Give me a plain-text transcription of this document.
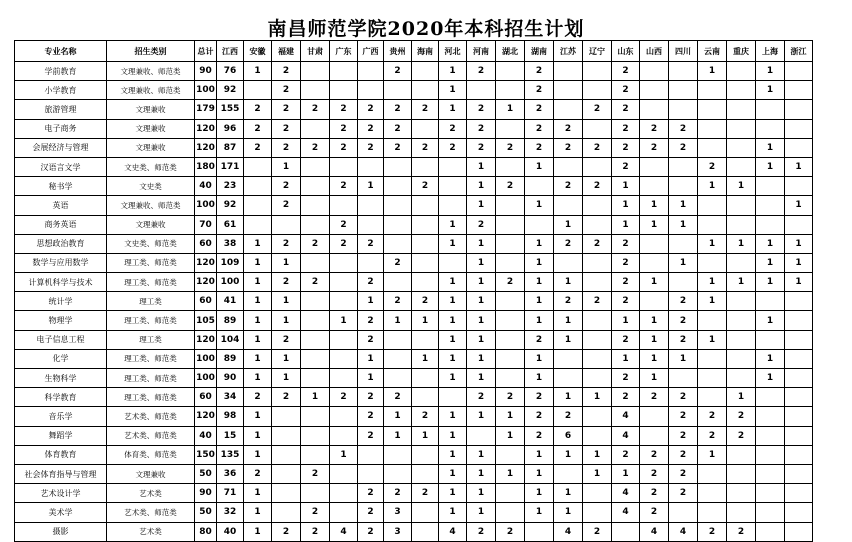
南昌师范学院2020年本科招生计划
专业名称	招生类别	总计	江西	安徽	福建	甘肃	广东	广西	贵州	海南	河北	河南	湖北	湖南	江苏	辽宁	山东	山西	四川	云南	重庆	上海	浙江
学前教育	文理兼收、师范类	90	76	1	2				2		1	2		2			2			1		1	
小学教育	文理兼收、师范类	100	92		2						1			2			2					1	
旅游管理	文理兼收	179	155	2	2	2	2	2	2	2	1	2	1	2		2	2						
电子商务	文理兼收	120	96	2	2		2	2	2		2	2		2	2		2	2	2				
会展经济与管理	文理兼收	120	87	2	2	2	2	2	2	2	2	2	2	2	2	2	2	2	2			1	
汉语言文学	文史类、师范类	180	171		1							1		1			2			2		1	1
秘书学	文史类	40	23		2		2	1		2		1	2		2	2	1			1	1		
英语	文理兼收、师范类	100	92		2							1		1			1	1	1				1
商务英语	文理兼收	70	61				2				1	2			1		1	1	1				
思想政治教育	文史类、师范类	60	38	1	2	2	2	2			1	1		1	2	2	2			1	1	1	1
数学与应用数学	理工类、师范类	120	109	1	1				2			1		1			2		1			1	1
计算机科学与技术	理工类、师范类	120	100	1	2	2		2			1	1	2	1	1		2	1		1	1	1	1
统计学	理工类	60	41	1	1			1	2	2	1	1		1	2	2	2		2	1			
物理学	理工类、师范类	105	89	1	1		1	2	1	1	1	1		1	1		1	1	2			1	
电子信息工程	理工类	120	104	1	2			2			1	1		2	1		2	1	2	1			
化学	理工类、师范类	100	89	1	1			1		1	1	1		1			1	1	1			1	
生物科学	理工类、师范类	100	90	1	1			1			1	1		1			2	1				1	
科学教育	理工类、师范类	60	34	2	2	1	2	2	2			2	2	2	1	1	2	2	2		1		
音乐学	艺术类、师范类	120	98	1				2	1	2	1	1	1	2	2		4		2	2	2		
舞蹈学	艺术类、师范类	40	15	1				2	1	1	1		1	2	6		4		2	2	2		
体育教育	体育类、师范类	150	135	1			1				1	1		1	1	1	2	2	2	1			
社会体育指导与管理	文理兼收	50	36	2		2					1	1	1	1		1	1	2	2				
艺术设计学	艺术类	90	71	1				2	2	2	1	1		1	1		4	2	2				
美术学	艺术类、师范类	50	32	1		2		2	3		1	1		1	1		4	2					
摄影	艺术类	80	40	1	2	2	4	2	3		4	2	2		4	2		4	4	2	2		
